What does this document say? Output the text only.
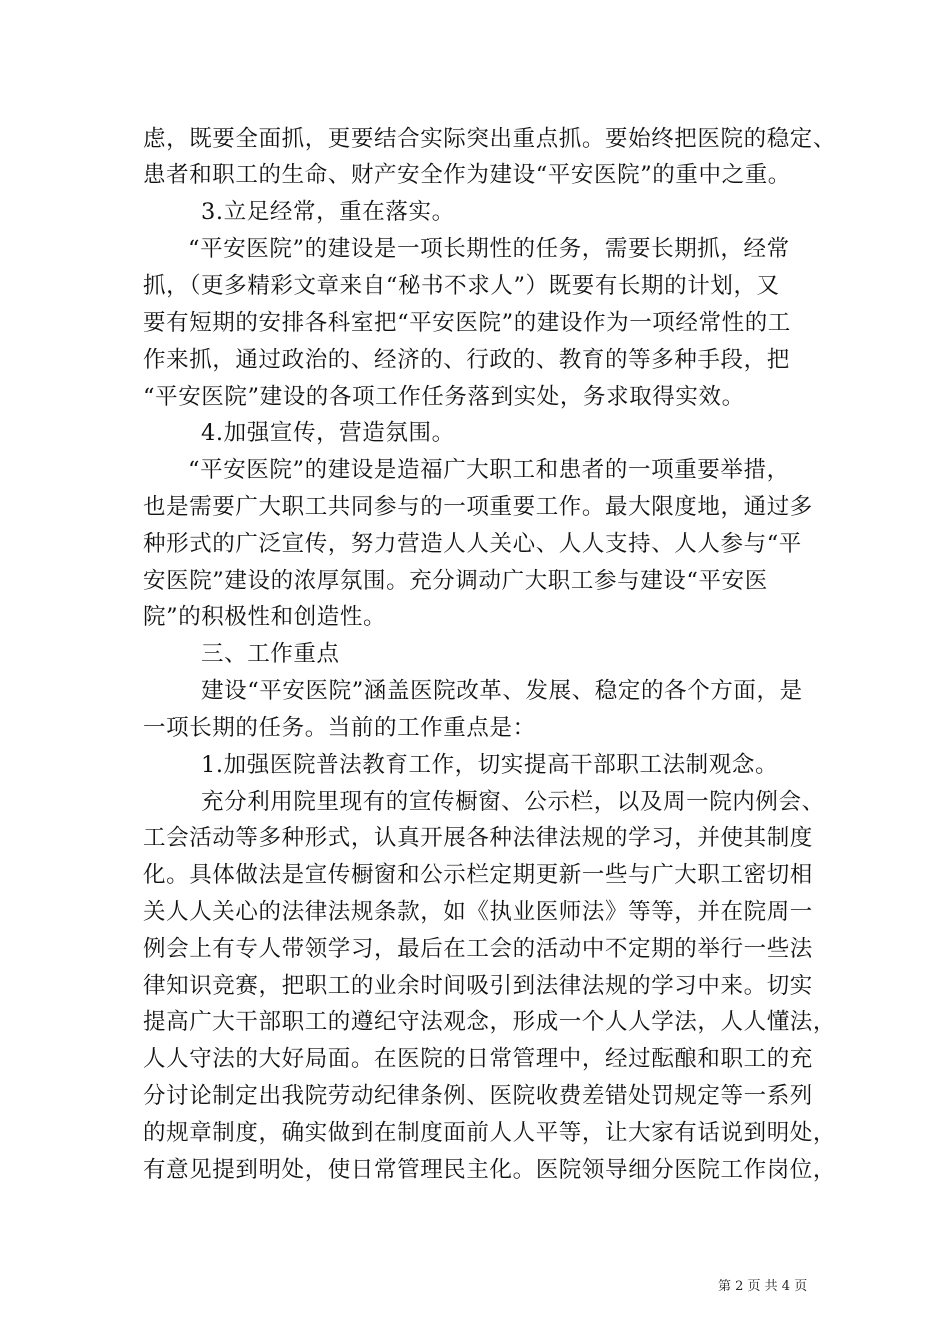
虑，既要全面抓，更要结合实际突出重点抓。要始终把医院的稳定、
患者和职工的生命、财产安全作为建设“平安医院”的重中之重。
3.立足经常，重在落实。
“平安医院”的建设是一项长期性的任务，需要长期抓，经常
抓，（更多精彩文章来自“秘书不求人”）既要有长期的计划，又
要有短期的安排各科室把“平安医院”的建设作为一项经常性的工
作来抓，通过政治的、经济的、行政的、教育的等多种手段，把
“平安医院”建设的各项工作任务落到实处，务求取得实效。
4.加强宣传，营造氛围。
“平安医院”的建设是造福广大职工和患者的一项重要举措，
也是需要广大职工共同参与的一项重要工作。最大限度地，通过多
种形式的广泛宣传，努力营造人人关心、人人支持、人人参与“平
安医院”建设的浓厚氛围。充分调动广大职工参与建设“平安医
院”的积极性和创造性。
三、工作重点
建设“平安医院”涵盖医院改革、发展、稳定的各个方面，是
一项长期的任务。当前的工作重点是：
1.加强医院普法教育工作，切实提高干部职工法制观念。
充分利用院里现有的宣传橱窗、公示栏，以及周一院内例会、
工会活动等多种形式，认真开展各种法律法规的学习，并使其制度
化。具体做法是宣传橱窗和公示栏定期更新一些与广大职工密切相
关人人关心的法律法规条款，如《执业医师法》等等，并在院周一
例会上有专人带领学习，最后在工会的活动中不定期的举行一些法
律知识竞赛，把职工的业余时间吸引到法律法规的学习中来。切实
提高广大干部职工的遵纪守法观念，形成一个人人学法，人人懂法，
人人守法的大好局面。在医院的日常管理中，经过酝酿和职工的充
分讨论制定出我院劳动纪律条例、医院收费差错处罚规定等一系列
的规章制度，确实做到在制度面前人人平等，让大家有话说到明处，
有意见提到明处，使日常管理民主化。医院领导细分医院工作岗位，
第 2 页 共 4 页
